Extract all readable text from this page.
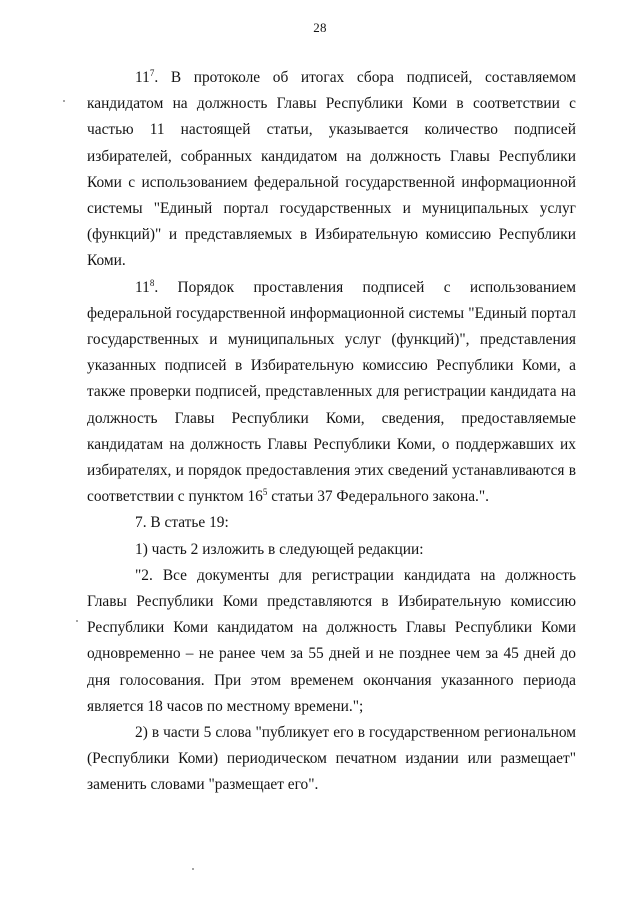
28

$11^7$. В протоколе об итогах сбора подписей, составляемом кандидатом на должность Главы Республики Коми в соответствии с частью 11 настоящей статьи, указывается количество подписей избирателей, собранных кандидатом на должность Главы Республики Коми с использованием федеральной государственной информационной системы "Единый портал государственных и муниципальных услуг (функций)" и представляемых в Избирательную комиссию Республики Коми.

$11^8$. Порядок проставления подписей с использованием федеральной государственной информационной системы "Единый портал государственных и муниципальных услуг (функций)", представления указанных подписей в Избирательную комиссию Республики Коми, а также проверки подписей, представленных для регистрации кандидата на должность Главы Республики Коми, сведения, предоставляемые кандидатам на должность Главы Республики Коми, о поддержавших их избирателях, и порядок предоставления этих сведений устанавливаются в соответствии с пунктом $16^5$ статьи 37 Федерального закона.".

7. В статье 19:

1) часть 2 изложить в следующей редакции:

"2. Все документы для регистрации кандидата на должность Главы Республики Коми представляются в Избирательную комиссию Республики Коми кандидатом на должность Главы Республики Коми одновременно – не ранее чем за 55 дней и не позднее чем за 45 дней до дня голосования. При этом временем окончания указанного периода является 18 часов по местному времени.";

2) в части 5 слова "публикует его в государственном региональном (Республики Коми) периодическом печатном издании или размещает" заменить словами "размещает его".
